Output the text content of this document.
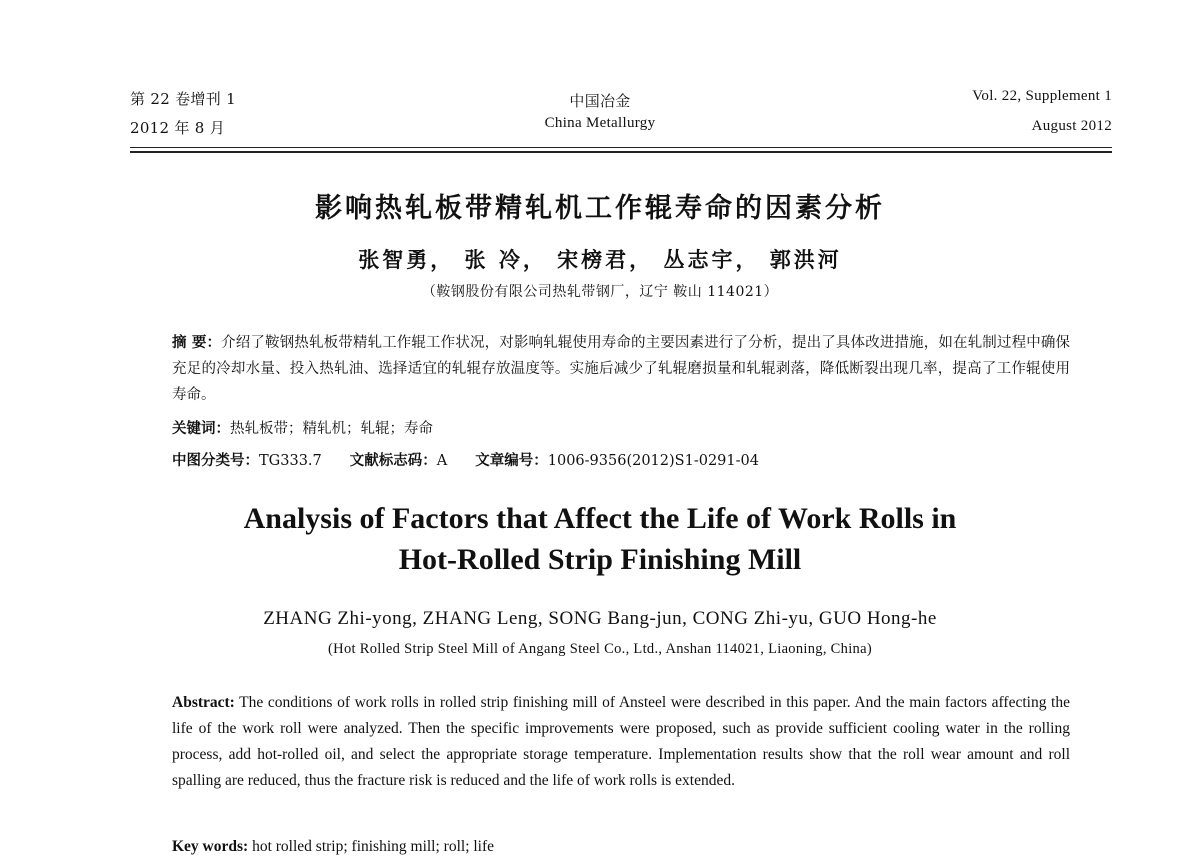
第 22 卷增刊 1
2012 年 8 月
中国冶金
China Metallurgy
Vol. 22, Supplement 1
August 2012
影响热轧板带精轧机工作辊寿命的因素分析
张智勇， 张 冷， 宋榜君， 丛志宇， 郭洪河
（鞍钢股份有限公司热轧带钢厂，辽宁 鞍山 114021）
摘 要：介绍了鞍钢热轧板带精轧工作辊工作状况，对影响轧辊使用寿命的主要因素进行了分析，提出了具体改进措施，如在轧制过程中确保充足的冷却水量、投入热轧油、选择适宜的轧辊存放温度等。实施后减少了轧辊磨损量和轧辊剥落，降低断裂出现几率，提高了工作辊使用寿命。
关键词：热轧板带；精轧机；轧辊；寿命
中图分类号：TG333.7 文献标志码：A 文章编号：1006-9356(2012)S1-0291-04
Analysis of Factors that Affect the Life of Work Rolls in
Hot-Rolled Strip Finishing Mill
ZHANG Zhi-yong, ZHANG Leng, SONG Bang-jun, CONG Zhi-yu, GUO Hong-he
(Hot Rolled Strip Steel Mill of Angang Steel Co., Ltd., Anshan 114021, Liaoning, China)
Abstract: The conditions of work rolls in rolled strip finishing mill of Ansteel were described in this paper. And the main factors affecting the life of the work roll were analyzed. Then the specific improvements were proposed, such as provide sufficient cooling water in the rolling process, add hot-rolled oil, and select the appropriate storage temperature. Implementation results show that the roll wear amount and roll spalling are reduced, thus the fracture risk is reduced and the life of work rolls is extended.
Key words: hot rolled strip; finishing mill; roll; life
